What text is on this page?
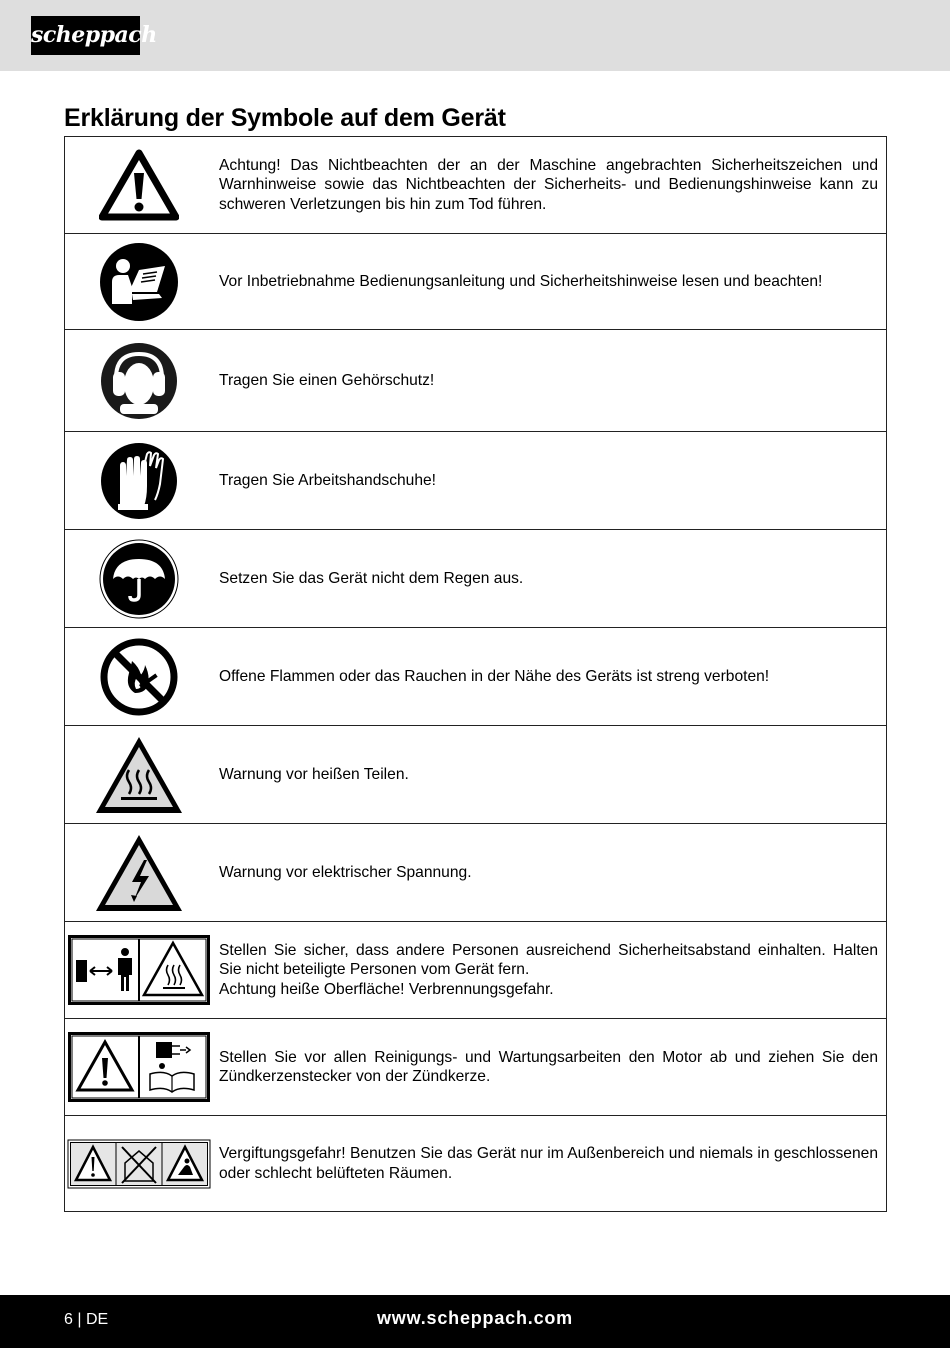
scheppach
Erklärung der Symbole auf dem Gerät

Achtung! Das Nichtbeachten der an der Maschine angebrachten Sicherheitszeichen und Warnhinweise sowie das Nichtbeachten der Sicherheits- und Bedienungshinweise kann zu schweren Verletzungen bis hin zum Tod führen.

Vor Inbetriebnahme Bedienungsanleitung und Sicherheitshinweise lesen und beachten!

Tragen Sie einen Gehörschutz!

Tragen Sie Arbeitshandschuhe!

Setzen Sie das Gerät nicht dem Regen aus.

Offene Flammen oder das Rauchen in der Nähe des Geräts ist streng verboten!

Warnung vor heißen Teilen.

Warnung vor elektrischer Spannung.

Stellen Sie sicher, dass andere Personen ausreichend Sicherheitsabstand einhalten. Halten Sie nicht beteiligte Personen vom Gerät fern.
Achtung heiße Oberfläche! Verbrennungsgefahr.

Stellen Sie vor allen Reinigungs- und Wartungsarbeiten den Motor ab und ziehen Sie den Zündkerzenstecker von der Zündkerze.

Vergiftungsgefahr! Benutzen Sie das Gerät nur im Außenbereich und niemals in geschlossenen oder schlecht belüfteten Räumen.
6 | DE	www.scheppach.com
